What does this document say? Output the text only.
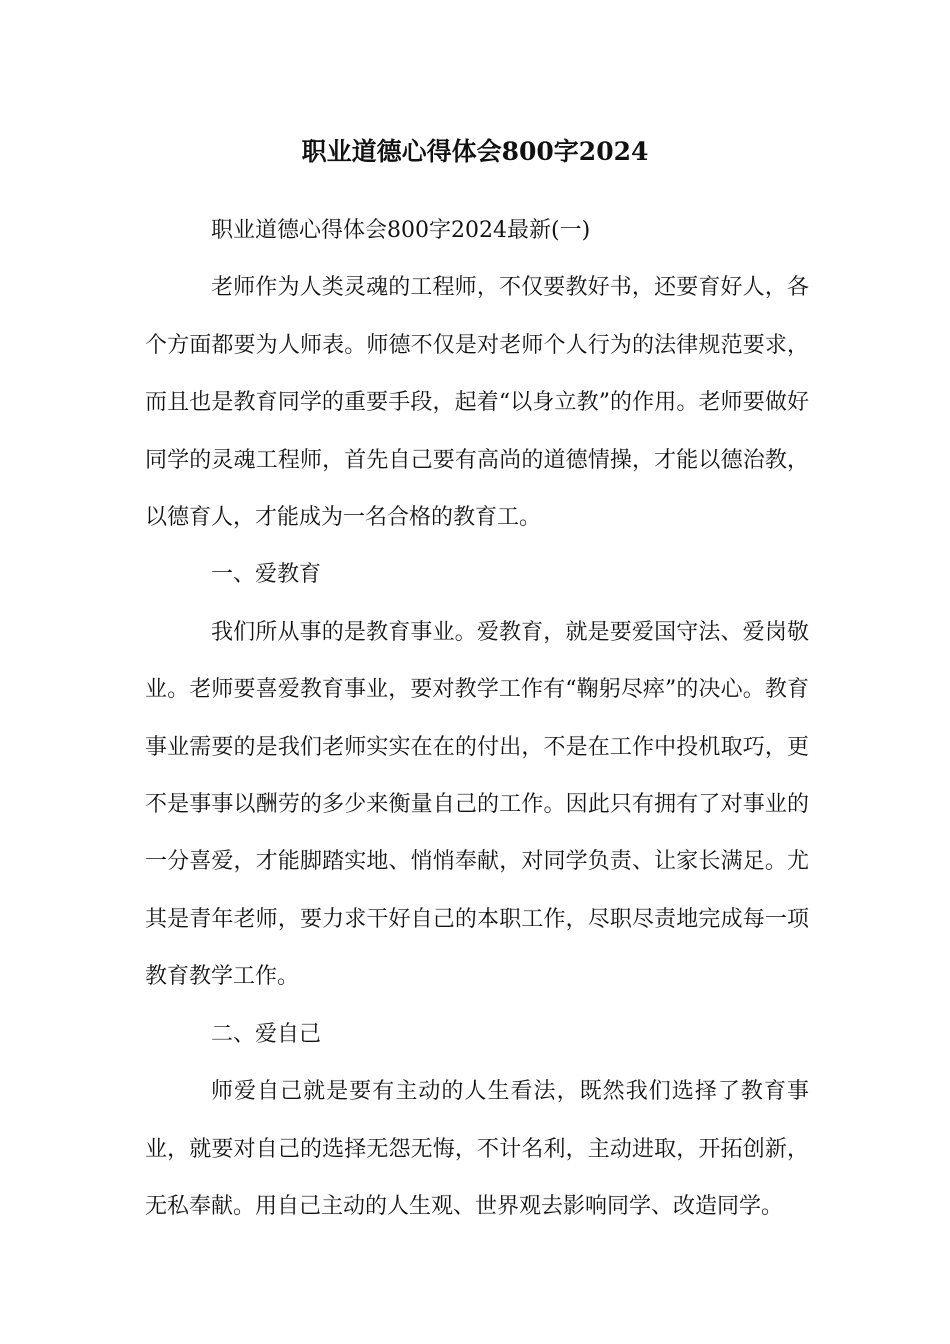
职业道德心得体会800字2024

职业道德心得体会800字2024最新(一)

老师作为人类灵魂的工程师，不仅要教好书，还要育好人，各个方面都要为人师表。师德不仅是对老师个人行为的法律规范要求，而且也是教育同学的重要手段，起着“以身立教”的作用。老师要做好同学的灵魂工程师，首先自己要有高尚的道德情操，才能以德治教，以德育人，才能成为一名合格的教育工。

一、爱教育

我们所从事的是教育事业。爱教育，就是要爱国守法、爱岗敬业。老师要喜爱教育事业，要对教学工作有“鞠躬尽瘁”的决心。教育事业需要的是我们老师实实在在的付出，不是在工作中投机取巧，更不是事事以酬劳的多少来衡量自己的工作。因此只有拥有了对事业的一分喜爱，才能脚踏实地、悄悄奉献，对同学负责、让家长满足。尤其是青年老师，要力求干好自己的本职工作，尽职尽责地完成每一项教育教学工作。

二、爱自己

师爱自己就是要有主动的人生看法，既然我们选择了教育事业，就要对自己的选择无怨无悔，不计名利，主动进取，开拓创新，无私奉献。用自己主动的人生观、世界观去影响同学、改造同学。
